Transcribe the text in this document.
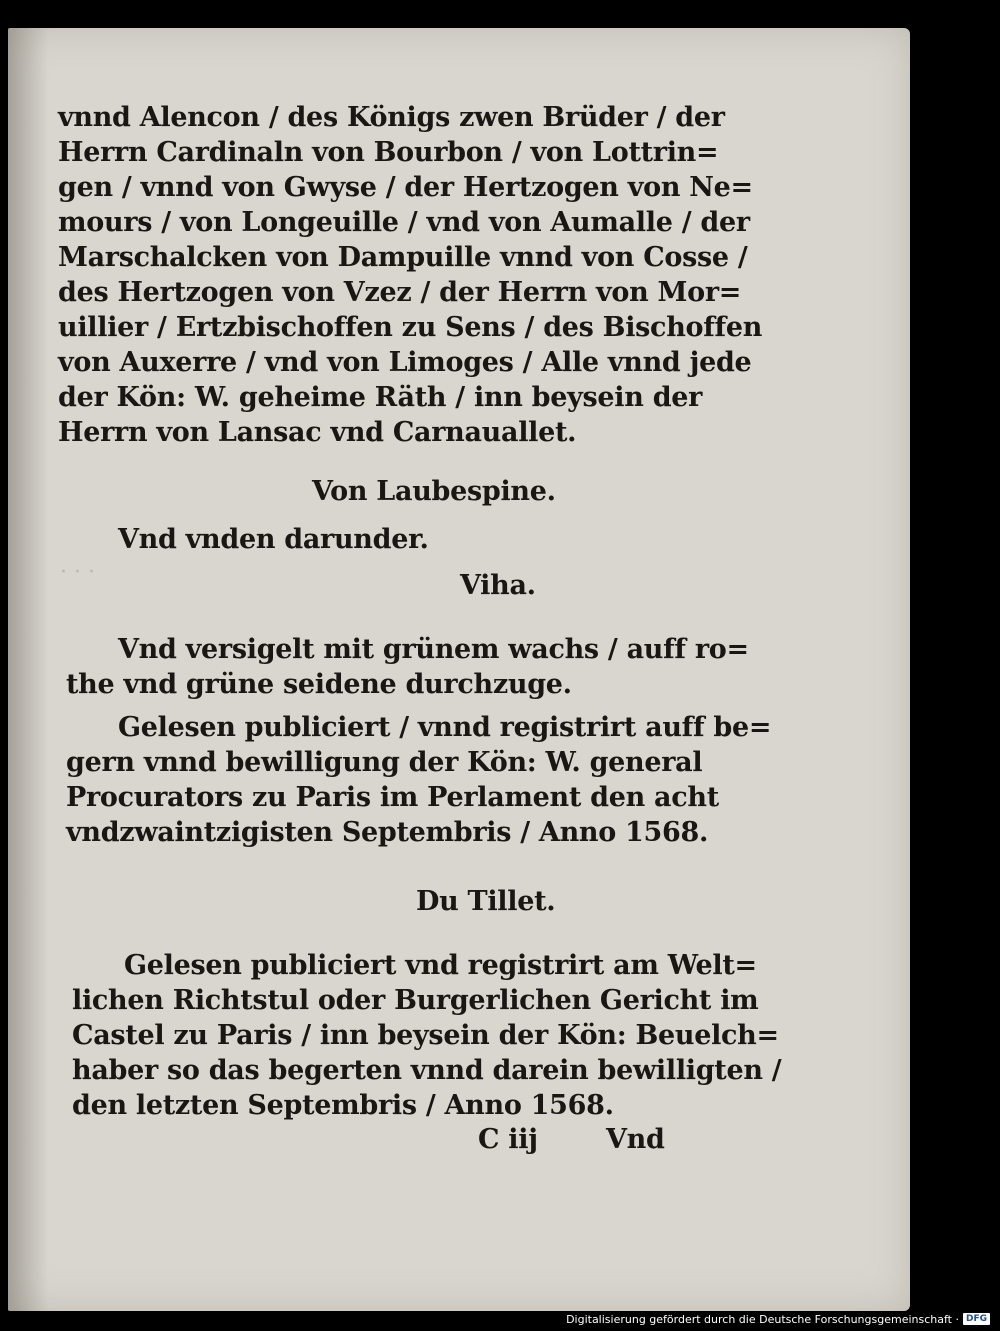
vnnd Alencon / des Königs zwen Brüder / der
Herrn Cardinaln von Bourbon / von Lottrin=
gen / vnnd von Gwyse / der Hertzogen von Ne=
mours / von Longeuille / vnd von Aumalle / der
Marschalcken von Dampuille vnnd von Cosse /
des Hertzogen von Vzez / der Herrn von Mor=
uillier / Ertzbischoffen zu Sens / des Bischoffen
von Auxerre / vnd von Limoges / Alle vnnd jede
der Kön: W. geheime Räth / inn beysein der
Herrn von Lansac vnd Carnauallet.
Von Laubespine.
Vnd vnden darunder.
· · ·	Viha.
Vnd versigelt mit grünem wachs / auff ro=
the vnd grüne seidene durchzuge.
Gelesen publiciert / vnnd registrirt auff be=
gern vnnd bewilligung der Kön: W. general
Procurators zu Paris im Perlament den acht
vndzwaintzigisten Septembris / Anno 1568.
Du Tillet.
Gelesen publiciert vnd registrirt am Welt=
lichen Richtstul oder Burgerlichen Gericht im
Castel zu Paris / inn beysein der Kön: Beuelch=
haber so das begerten vnnd darein bewilligten /
den letzten Septembris / Anno 1568.
C iij	Vnd
Digitalisierung gefördert durch die Deutsche Forschungsgemeinschaft · DFG
